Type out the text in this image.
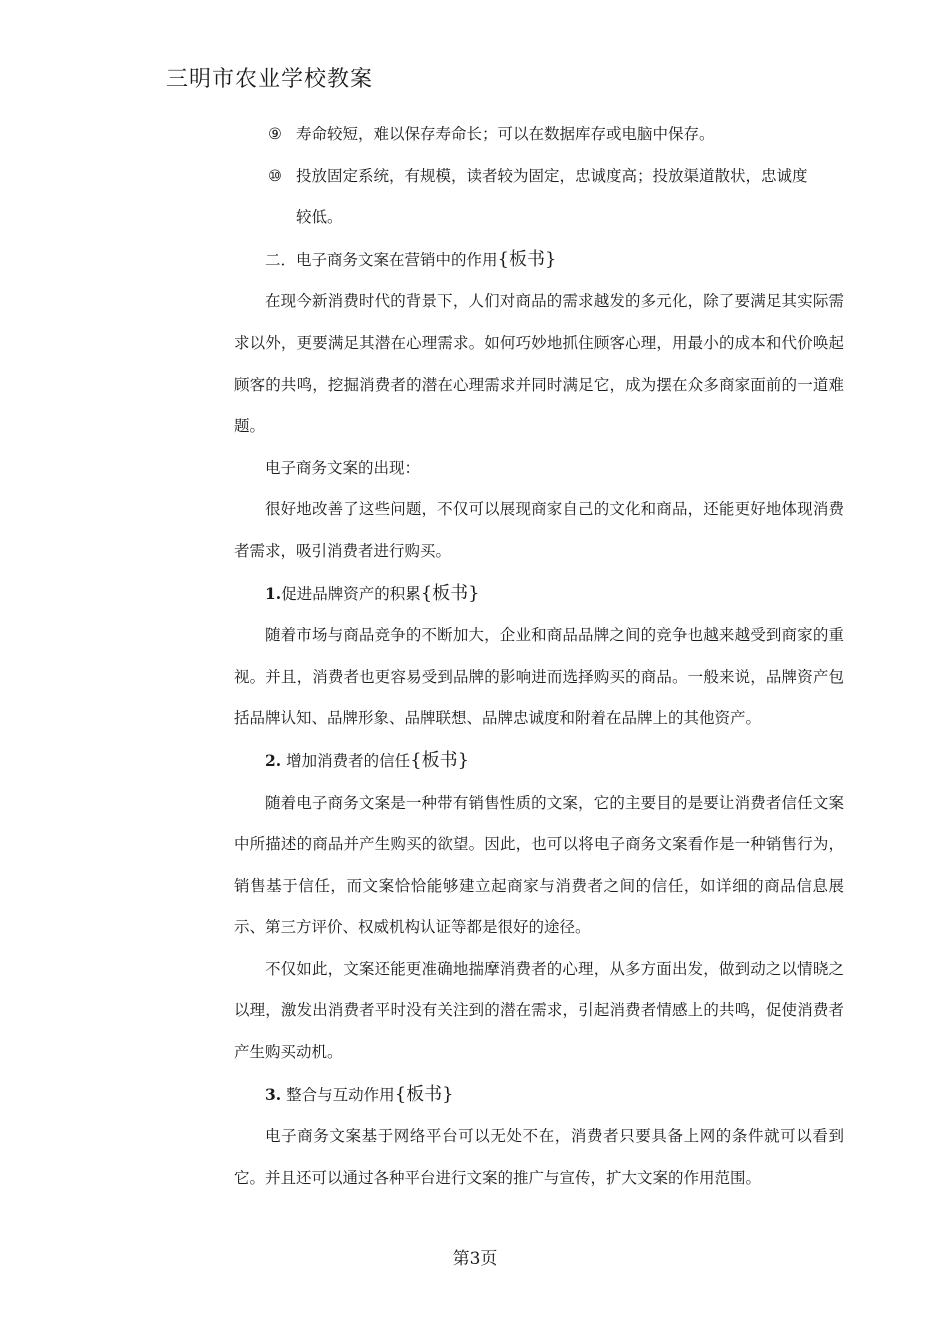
三明市农业学校教案
⑨ 寿命较短，难以保存寿命长；可以在数据库存或电脑中保存。
⑩ 投放固定系统，有规模，读者较为固定，忠诚度高；投放渠道散状，忠诚度
较低。

二．电子商务文案在营销中的作用{板书}

在现今新消费时代的背景下，人们对商品的需求越发的多元化，除了要满足其实际需求以外，更要满足其潜在心理需求。如何巧妙地抓住顾客心理，用最小的成本和代价唤起顾客的共鸣，挖掘消费者的潜在心理需求并同时满足它，成为摆在众多商家面前的一道难题。

电子商务文案的出现：

很好地改善了这些问题，不仅可以展现商家自己的文化和商品，还能更好地体现消费者需求，吸引消费者进行购买。

1.促进品牌资产的积累{板书}

随着市场与商品竞争的不断加大，企业和商品品牌之间的竞争也越来越受到商家的重视。并且，消费者也更容易受到品牌的影响进而选择购买的商品。一般来说，品牌资产包括品牌认知、品牌形象、品牌联想、品牌忠诚度和附着在品牌上的其他资产。

2. 增加消费者的信任{板书}

随着电子商务文案是一种带有销售性质的文案，它的主要目的是要让消费者信任文案中所描述的商品并产生购买的欲望。因此，也可以将电子商务文案看作是一种销售行为，销售基于信任，而文案恰恰能够建立起商家与消费者之间的信任，如详细的商品信息展示、第三方评价、权威机构认证等都是很好的途径。

不仅如此，文案还能更准确地揣摩消费者的心理，从多方面出发，做到动之以情晓之以理，激发出消费者平时没有关注到的潜在需求，引起消费者情感上的共鸣，促使消费者产生购买动机。

3. 整合与互动作用{板书}

电子商务文案基于网络平台可以无处不在，消费者只要具备上网的条件就可以看到它。并且还可以通过各种平台进行文案的推广与宣传，扩大文案的作用范围。

第3页
